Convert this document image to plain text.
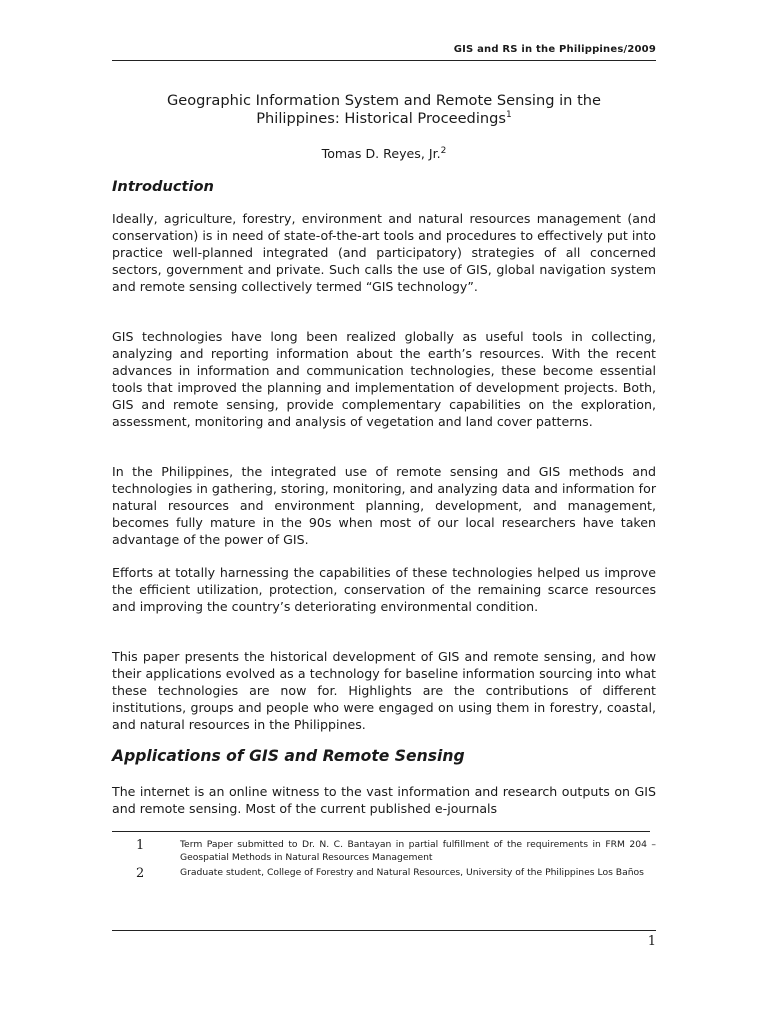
GIS and RS in the Philippines/2009
Geographic Information System and Remote Sensing in the
Philippines: Historical Proceedings$^1$
Tomas D. Reyes, Jr.$^2$
Introduction

Ideally, agriculture, forestry, environment and natural resources management (and conservation) is in need of state-of-the-art tools and procedures to effectively put into practice well-planned integrated (and participatory) strategies of all concerned sectors, government and private. Such calls the use of GIS, global navigation system and remote sensing collectively termed “GIS technology”.

GIS technologies have long been realized globally as useful tools in collecting, analyzing and reporting information about the earth’s resources. With the recent advances in information and communication technologies, these become essential tools that improved the planning and implementation of development projects. Both, GIS and remote sensing, provide complementary capabilities on the exploration, assessment, monitoring and analysis of vegetation and land cover patterns.

In the Philippines, the integrated use of remote sensing and GIS methods and technologies in gathering, storing, monitoring, and analyzing data and information for natural resources and environment planning, development, and management, becomes fully mature in the 90s when most of our local researchers have taken advantage of the power of GIS.

Efforts at totally harnessing the capabilities of these technologies helped us improve the efficient utilization, protection, conservation of the remaining scarce resources and improving the country’s deteriorating environmental condition.

This paper presents the historical development of GIS and remote sensing, and how their applications evolved as a technology for baseline information sourcing into what these technologies are now for. Highlights are the contributions of different institutions, groups and people who were engaged on using them in forestry, coastal, and natural resources in the Philippines.

Applications of GIS and Remote Sensing

The internet is an online witness to the vast information and research outputs on GIS and remote sensing. Most of the current published e-journals

1	Term Paper submitted to Dr. N. C. Bantayan in partial fulfillment of the requirements in FRM 204 – Geospatial Methods in Natural Resources Management
2	Graduate student, College of Forestry and Natural Resources, University of the Philippines Los Baños
1
